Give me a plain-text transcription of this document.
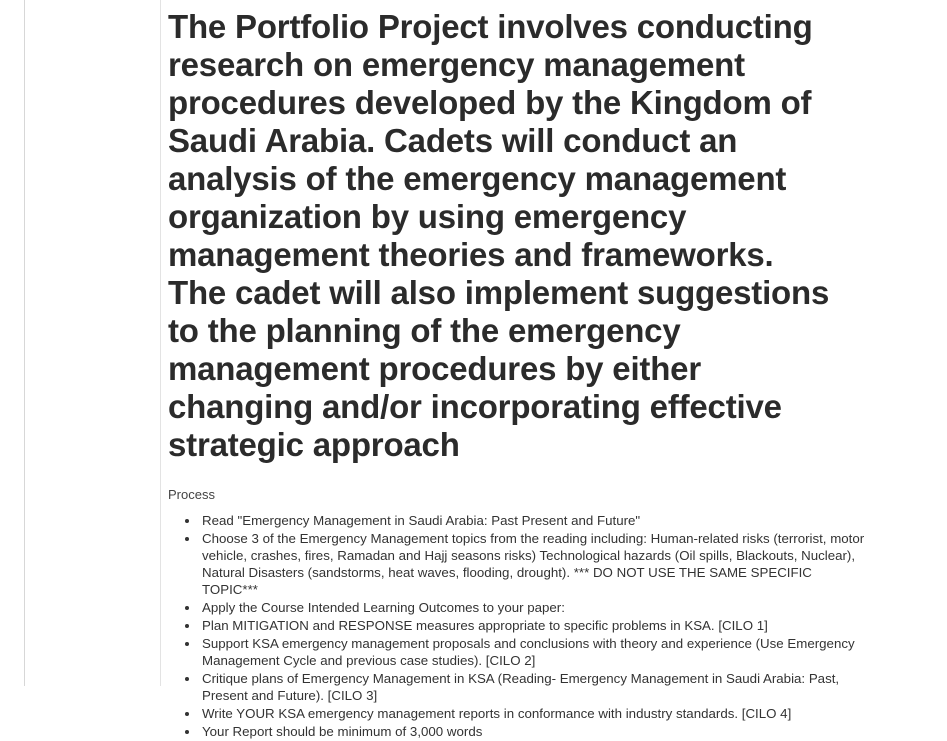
The Portfolio Project involves conducting research on emergency management procedures developed by the Kingdom of Saudi Arabia. Cadets will conduct an analysis of the emergency management organization by using emergency management theories and frameworks. The cadet will also implement suggestions to the planning of the emergency management procedures by either changing and/or incorporating effective strategic approach
Process
• Read "Emergency Management in Saudi Arabia: Past Present and Future"
• Choose 3 of the Emergency Management topics from the reading including: Human-related risks (terrorist, motor vehicle, crashes, fires, Ramadan and Hajj seasons risks) Technological hazards (Oil spills, Blackouts, Nuclear), Natural Disasters (sandstorms, heat waves, flooding, drought). *** DO NOT USE THE SAME SPECIFIC TOPIC***
• Apply the Course Intended Learning Outcomes to your paper:
• Plan MITIGATION and RESPONSE measures appropriate to specific problems in KSA. [CILO 1]
• Support KSA emergency management proposals and conclusions with theory and experience (Use Emergency Management Cycle and previous case studies). [CILO 2]
• Critique plans of Emergency Management in KSA (Reading- Emergency Management in Saudi Arabia: Past, Present and Future). [CILO 3]
• Write YOUR KSA emergency management reports in conformance with industry standards. [CILO 4]
• Your Report should be minimum of 3,000 words
